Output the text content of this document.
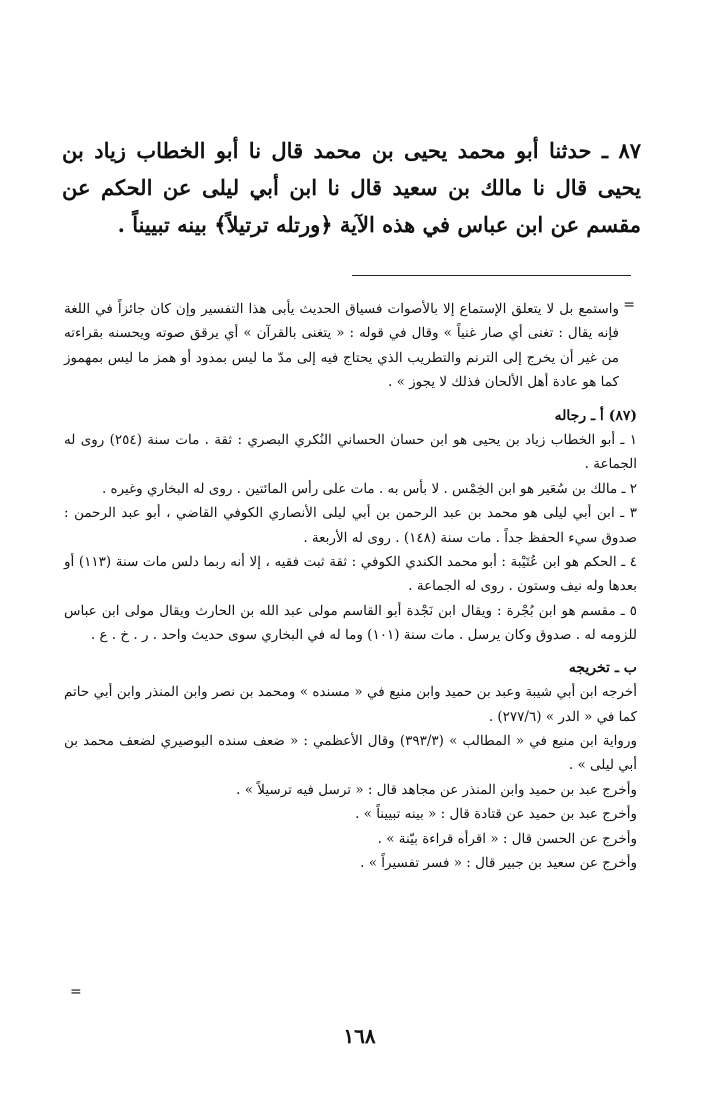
٨٧ ـ حدثنا أبو محمد يحيى بن محمد قال نا أبو الخطاب زياد بن يحيى قال نا مالك بن سعيد قال نا ابن أبي ليلى عن الحكم عن مقسم عن ابن عباس في هذه الآية ﴿ورتله ترتيلاً﴾ بينه تبييناً .

=

واستمع بل لا يتعلق الإستماع إلا بالأصوات فسياق الحديث يأبى هذا التفسير وإن كان جائزاً في اللغة فإنه يقال : تغنى أي صار غنياً » وقال في قوله : « يتغنى بالقرآن » أي يرقق صوته ويحسنه بقراءته من غير أن يخرج إلى الترنم والتطريب الذي يحتاج فيه إلى مدّ ما ليس بمدود أو همز ما ليس بمهموز كما هو عادة أهل الألحان فذلك لا يجوز » .

(٨٧) أ ـ رجاله

١ ـ أبو الخطاب زياد بن يحيى هو ابن حسان الحساني النُكري البصري : ثقة . مات سنة (٢٥٤) روى له الجماعة .

٢ ـ مالك بن سُعَير هو ابن الخِمْس . لا بأس به . مات على رأس المائتين . روى له البخاري وغيره .

٣ ـ ابن أبي ليلى هو محمد بن عبد الرحمن بن أبي ليلى الأنصاري الكوفي القاضي ، أبو عبد الرحمن : صدوق سيء الحفظ جداً . مات سنة (١٤٨) . روى له الأربعة .

٤ ـ الحكم هو ابن عُتَيْبة : أبو محمد الكندي الكوفي : ثقة ثبت فقيه ، إلا أنه ربما دلس مات سنة (١١٣) أو بعدها وله نيف وستون . روى له الجماعة .

٥ ـ مقسم هو ابن بُجْرة : ويقال ابن نَجْدة أبو القاسم مولى عبد الله بن الحارث ويقال مولى ابن عباس للزومه له . صدوق وكان يرسل . مات سنة (١٠١) وما له في البخاري سوى حديث واحد . ر . خ . ع .

ب ـ تخريجه

أخرجه ابن أبي شيبة وعبد بن حميد وابن منيع في « مسنده » ومحمد بن نصر وابن المنذر وابن أبي حاتم كما في « الدر » (٢٧٧/٦) .

ورواية ابن منيع في « المطالب » (٣٩٣/٣) وقال الأعظمي : « ضعف سنده البوصيري لضعف محمد بن أبي ليلى » .

وأخرج عبد بن حميد وابن المنذر عن مجاهد قال : « ترسل فيه ترسيلاً » .

وأخرج عبد بن حميد عن قتادة قال : « بينه تبييناً » .

وأخرج عن الحسن قال : « اقرأه قراءة بيّنة » .

وأخرج عن سعيد بن جبير قال : « فسر تفسيراً » .

=
١٦٨
